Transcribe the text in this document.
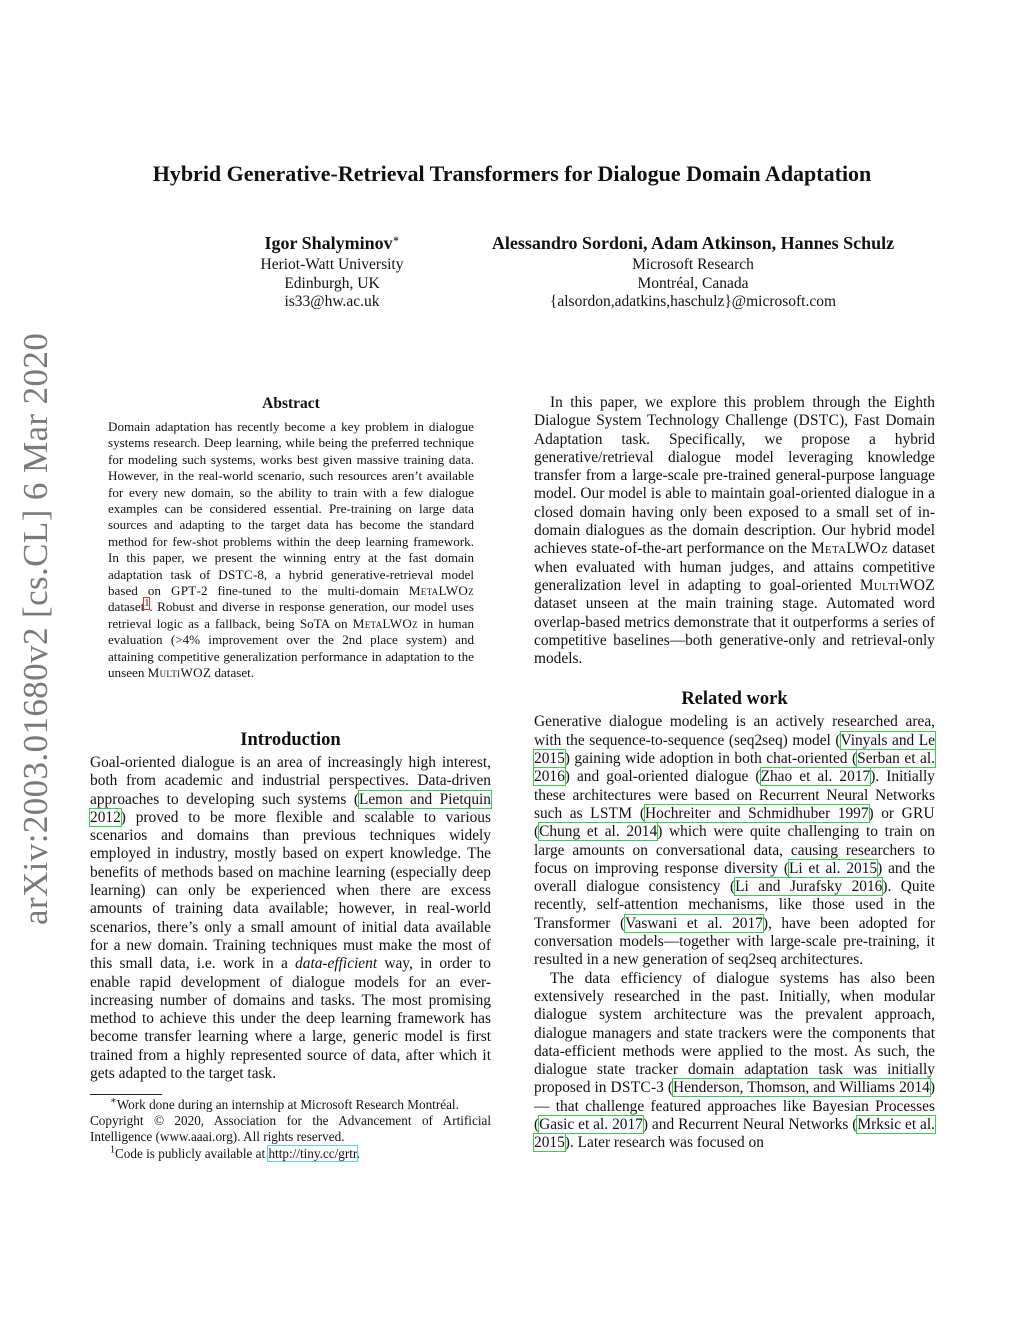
arXiv:2003.01680v2 [cs.CL] 6 Mar 2020
Hybrid Generative-Retrieval Transformers for Dialogue Domain Adaptation
Igor Shalyminov∗
Heriot-Watt University
Edinburgh, UK
is33@hw.ac.uk
Alessandro Sordoni, Adam Atkinson, Hannes Schulz
Microsoft Research
Montréal, Canada
{alsordon,adatkins,haschulz}@microsoft.com

Abstract

Domain adaptation has recently become a key problem in dialogue systems research. Deep learning, while being the preferred technique for modeling such systems, works best given massive training data. However, in the real-world scenario, such resources aren’t available for every new domain, so the ability to train with a few dialogue examples can be considered essential. Pre-training on large data sources and adapting to the target data has become the standard method for few-shot problems within the deep learning framework. In this paper, we present the winning entry at the fast domain adaptation task of DSTC-8, a hybrid generative-retrieval model based on GPT-2 fine-tuned to the multi-domain MetaLWOz dataset$^1$. Robust and diverse in response generation, our model uses retrieval logic as a fallback, being SoTA on MetaLWOz in human evaluation (>4% improvement over the 2nd place system) and attaining competitive generalization performance in adaptation to the unseen MultiWOZ dataset.

Introduction

Goal-oriented dialogue is an area of increasingly high interest, both from academic and industrial perspectives. Data-driven approaches to developing such systems (Lemon and Pietquin 2012) proved to be more flexible and scalable to various scenarios and domains than previous techniques widely employed in industry, mostly based on expert knowledge. The benefits of methods based on machine learning (especially deep learning) can only be experienced when there are excess amounts of training data available; however, in real-world scenarios, there’s only a small amount of initial data available for a new domain. Training techniques must make the most of this small data, i.e. work in a data-efficient way, in order to enable rapid development of dialogue models for an ever-increasing number of domains and tasks. The most promising method to achieve this under the deep learning framework has become transfer learning where a large, generic model is first trained from a highly represented source of data, after which it gets adapted to the target task.

∗Work done during an internship at Microsoft Research Montréal.

Copyright © 2020, Association for the Advancement of Artificial Intelligence (www.aaai.org). All rights reserved.

$^1$Code is publicly available at http://tiny.cc/grtr.

In this paper, we explore this problem through the Eighth Dialogue System Technology Challenge (DSTC), Fast Domain Adaptation task. Specifically, we propose a hybrid generative/retrieval dialogue model leveraging knowledge transfer from a large-scale pre-trained general-purpose language model. Our model is able to maintain goal-oriented dialogue in a closed domain having only been exposed to a small set of in-domain dialogues as the domain description. Our hybrid model achieves state-of-the-art performance on the MetaLWOz dataset when evaluated with human judges, and attains competitive generalization level in adapting to goal-oriented MultiWOZ dataset unseen at the main training stage. Automated word overlap-based metrics demonstrate that it outperforms a series of competitive baselines—both generative-only and retrieval-only models.

Related work

Generative dialogue modeling is an actively researched area, with the sequence-to-sequence (seq2seq) model (Vinyals and Le 2015) gaining wide adoption in both chat-oriented (Serban et al. 2016) and goal-oriented dialogue (Zhao et al. 2017). Initially these architectures were based on Recurrent Neural Networks such as LSTM (Hochreiter and Schmidhuber 1997) or GRU (Chung et al. 2014) which were quite challenging to train on large amounts on conversational data, causing researchers to focus on improving response diversity (Li et al. 2015) and the overall dialogue consistency (Li and Jurafsky 2016). Quite recently, self-attention mechanisms, like those used in the Transformer (Vaswani et al. 2017), have been adopted for conversation models—together with large-scale pre-training, it resulted in a new generation of seq2seq architectures.

The data efficiency of dialogue systems has also been extensively researched in the past. Initially, when modular dialogue system architecture was the prevalent approach, dialogue managers and state trackers were the components that data-efficient methods were applied to the most. As such, the dialogue state tracker domain adaptation task was initially proposed in DSTC-3 (Henderson, Thomson, and Williams 2014) — that challenge featured approaches like Bayesian Processes (Gasic et al. 2017) and Recurrent Neural Networks (Mrksic et al. 2015). Later research was focused on
